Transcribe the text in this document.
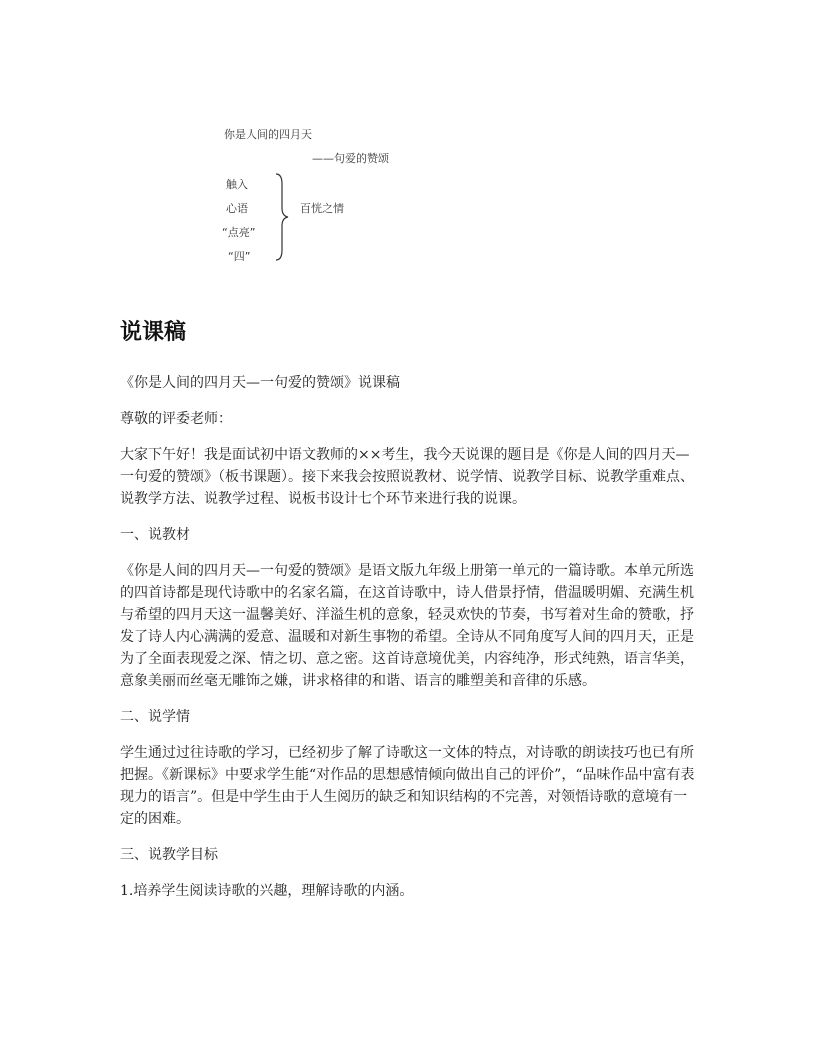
你是人间的四月天
——句爱的赞颂
触入
心语
“点亮”
“四”
百恍之情
说课稿

《你是人间的四月天—一句爱的赞颂》说课稿

尊敬的评委老师：

大家下午好！我是面试初中语文教师的××考生，我今天说课的题目是《你是人间的四月天—一句爱的赞颂》（板书课题）。接下来我会按照说教材、说学情、说教学目标、说教学重难点、说教学方法、说教学过程、说板书设计七个环节来进行我的说课。

一、说教材

《你是人间的四月天—一句爱的赞颂》是语文版九年级上册第一单元的一篇诗歌。本单元所选的四首诗都是现代诗歌中的名家名篇，在这首诗歌中，诗人借景抒情，借温暖明媚、充满生机与希望的四月天这一温馨美好、洋溢生机的意象，轻灵欢快的节奏，书写着对生命的赞歌，抒发了诗人内心满满的爱意、温暖和对新生事物的希望。全诗从不同角度写人间的四月天，正是为了全面表现爱之深、情之切、意之密。这首诗意境优美，内容纯净，形式纯熟，语言华美，意象美丽而丝毫无雕饰之嫌，讲求格律的和谐、语言的雕塑美和音律的乐感。

二、说学情

学生通过过往诗歌的学习，已经初步了解了诗歌这一文体的特点，对诗歌的朗读技巧也已有所把握。《新课标》中要求学生能“对作品的思想感情倾向做出自己的评价”，“品味作品中富有表现力的语言”。但是中学生由于人生阅历的缺乏和知识结构的不完善，对领悟诗歌的意境有一定的困难。

三、说教学目标

1.培养学生阅读诗歌的兴趣，理解诗歌的内涵。
